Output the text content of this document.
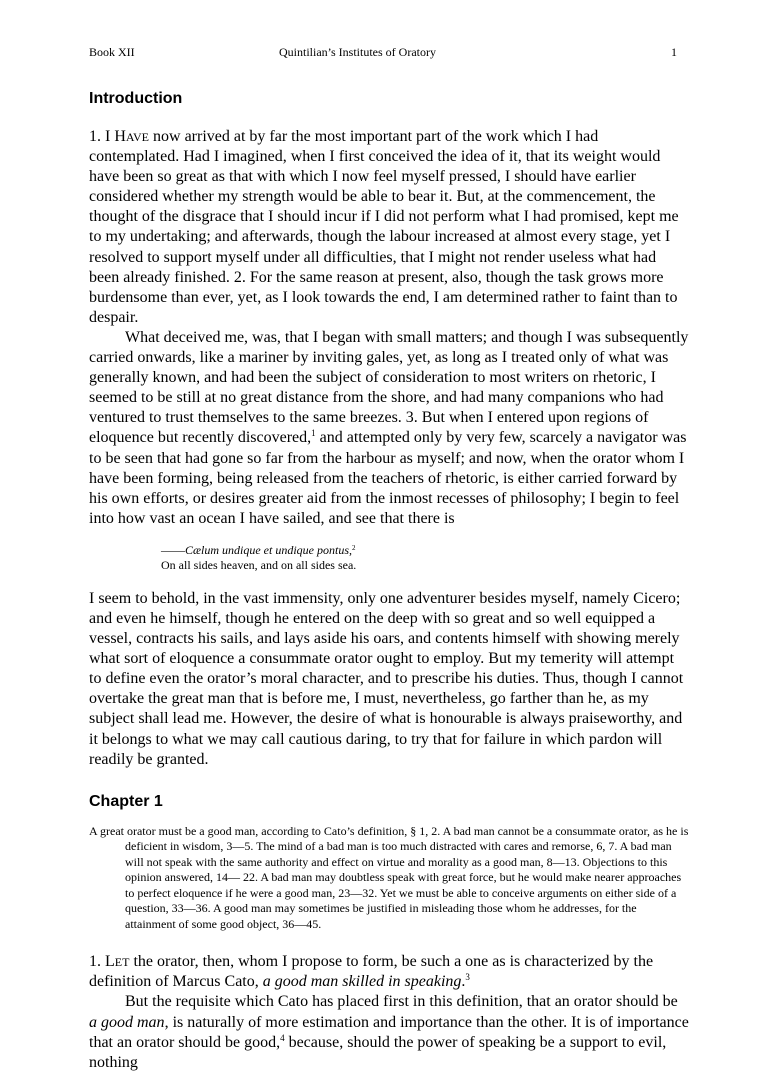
Book XII	Quintilian’s Institutes of Oratory	1
Introduction

1. I HAVE now arrived at by far the most important part of the work which I had contemplated. Had I imagined, when I first conceived the idea of it, that its weight would have been so great as that with which I now feel myself pressed, I should have earlier considered whether my strength would be able to bear it. But, at the commencement, the thought of the disgrace that I should incur if I did not perform what I had promised, kept me to my undertaking; and afterwards, though the labour increased at almost every stage, yet I resolved to support myself under all difficulties, that I might not render useless what had been already finished. 2. For the same reason at present, also, though the task grows more burdensome than ever, yet, as I look towards the end, I am determined rather to faint than to despair.

What deceived me, was, that I began with small matters; and though I was subsequently carried onwards, like a mariner by inviting gales, yet, as long as I treated only of what was generally known, and had been the subject of consideration to most writers on rhetoric, I seemed to be still at no great distance from the shore, and had many companions who had ventured to trust themselves to the same breezes. 3. But when I entered upon regions of eloquence but recently discovered,$^1$ and attempted only by very few, scarcely a navigator was to be seen that had gone so far from the harbour as myself; and now, when the orator whom I have been forming, being released from the teachers of rhetoric, is either carried forward by his own efforts, or desires greater aid from the inmost recesses of philosophy; I begin to feel into how vast an ocean I have sailed, and see that there is

——Cælum undique et undique pontus,$^2$

On all sides heaven, and on all sides sea.

I seem to behold, in the vast immensity, only one adventurer besides myself, namely Cicero; and even he himself, though he entered on the deep with so great and so well equipped a vessel, contracts his sails, and lays aside his oars, and contents himself with showing merely what sort of eloquence a consummate orator ought to employ. But my temerity will attempt to define even the orator’s moral character, and to prescribe his duties. Thus, though I cannot overtake the great man that is before me, I must, nevertheless, go farther than he, as my subject shall lead me. However, the desire of what is honourable is always praiseworthy, and it belongs to what we may call cautious daring, to try that for failure in which pardon will readily be granted.

Chapter 1
A great orator must be a good man, according to Cato’s definition, § 1, 2. A bad man cannot be a consummate orator, as he is deficient in wisdom, 3—5. The mind of a bad man is too much distracted with cares and remorse, 6, 7. A bad man will not speak with the same authority and effect on virtue and morality as a good man, 8—13. Objections to this opinion answered, 14— 22. A bad man may doubtless speak with great force, but he would make nearer approaches to perfect eloquence if he were a good man, 23—32. Yet we must be able to conceive arguments on either side of a question, 33—36. A good man may sometimes be justified in misleading those whom he addresses, for the attainment of some good object, 36—45.

1. LET the orator, then, whom I propose to form, be such a one as is characterized by the definition of Marcus Cato, a good man skilled in speaking.$^3$

But the requisite which Cato has placed first in this definition, that an orator should be a good man, is naturally of more estimation and importance than the other. It is of importance that an orator should be good,$^4$ because, should the power of speaking be a support to evil, nothing
